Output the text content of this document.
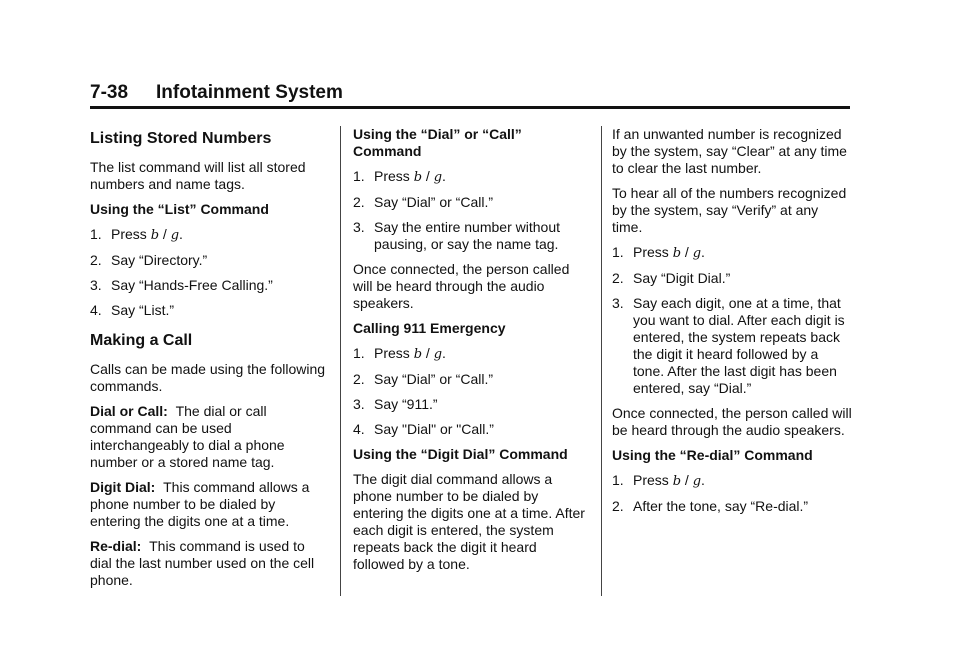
7-38 Infotainment System
Listing Stored Numbers

The list command will list all stored numbers and name tags.

Using the “List” Command

1. Press b / g.
2. Say “Directory.”
3. Say “Hands-Free Calling.”
4. Say “List.”
Making a Call

Calls can be made using the following commands.

Dial or Call: The dial or call command can be used interchangeably to dial a phone number or a stored name tag.

Digit Dial: This command allows a phone number to be dialed by entering the digits one at a time.

Re-dial: This command is used to dial the last number used on the cell phone.

Using the “Dial” or “Call” Command

1. Press b / g.
2. Say “Dial” or “Call.”
3. Say the entire number without pausing, or say the name tag.

Once connected, the person called will be heard through the audio speakers.

Calling 911 Emergency

1. Press b / g.
2. Say “Dial” or “Call.”
3. Say “911.”
4. Say "Dial" or "Call.”

Using the “Digit Dial” Command

The digit dial command allows a phone number to be dialed by entering the digits one at a time. After each digit is entered, the system repeats back the digit it heard followed by a tone.

If an unwanted number is recognized by the system, say “Clear” at any time to clear the last number.

To hear all of the numbers recognized by the system, say “Verify” at any time.

1. Press b / g.
2. Say “Digit Dial.”
3. Say each digit, one at a time, that you want to dial. After each digit is entered, the system repeats back the digit it heard followed by a tone. After the last digit has been entered, say “Dial.”

Once connected, the person called will be heard through the audio speakers.

Using the “Re-dial” Command

1. Press b / g.
2. After the tone, say “Re-dial.”
